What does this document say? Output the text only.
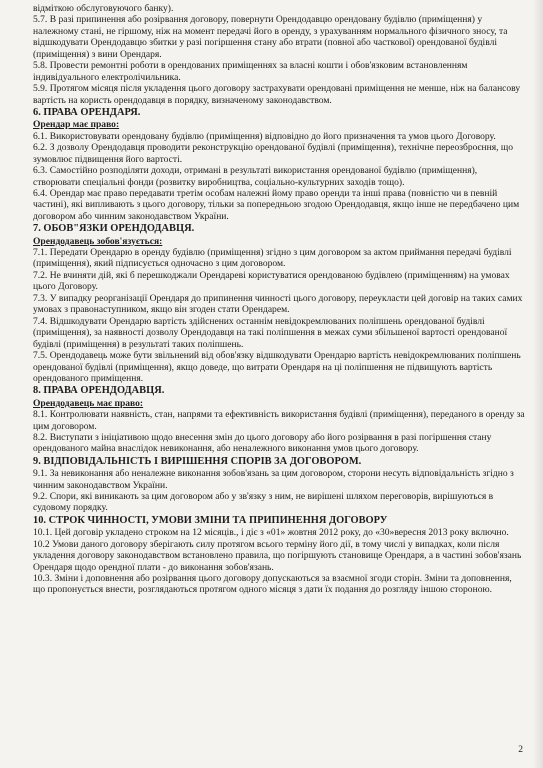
відміткою обслуговуючого банку).

5.7. В разі припинення або розірвання договору, повернути Орендодавцю орендовану будівлю (приміщення) у належному стані, не гіршому, ніж на момент передачі його в оренду, з урахуванням нормального фізичного зносу, та відшкодувати Орендодавцю збитки у разі погіршення стану або втрати (повної або часткової) орендованої будівлі (приміщення) з вини Орендаря.

5.8. Провести ремонтні роботи в орендованих приміщеннях за власні кошти і обов'язковим встановленням індивідуального електролічильника.

5.9. Протягом місяця після укладення цього договору застрахувати орендовані приміщення не менше, ніж на балансову вартість на користь орендодавця в порядку, визначеному законодавством.

6. ПРАВА ОРЕНДАРЯ.

Орендар має право:

6.1. Використовувати орендовану будівлю (приміщення) відповідно до його призначення та умов цього Договору.

6.2. З дозволу Орендодавця проводити реконструкцію орендованої будівлі (приміщення), технічне переозброєння, що зумовлює підвищення його вартості.

6.3. Самостійно розподіляти доходи, отримані в результаті використання орендованої будівлю (приміщення), створювати спеціальні фонди (розвитку виробництва, соціально-культурних заходів тощо).

6.4. Орендар має право передавати третім особам належні йому право оренди та інші права (повністю чи в певній частині), які випливають з цього договору, тільки за попередньою згодою Орендодавця, якщо інше не передбачено цим договором або чинним законодавством України.

7. ОБОВ"ЯЗКИ ОРЕНДОДАВЦЯ.

Орендодавець зобов'язується:

7.1. Передати Орендарю в оренду будівлю (приміщення) згідно з цим договором за актом приймання передачі будівлі (приміщення), який підписується одночасно з цим договором.

7.2. Не вчиняти дій, які б перешкоджали Орендареві користуватися орендованою будівлею (приміщенням) на умовах цього Договору.

7.3. У випадку реорганізації Орендаря до припинення чинності цього договору, переукласти цей договір на таких самих умовах з правонаступником, якщо він згоден стати Орендарем.

7.4. Відшкодувати Орендарю вартість здійснених останнім невідокремлюваних поліпшень орендованої будівлі (приміщення), за наявності дозволу Орендодавця на такі поліпшення в межах суми збільшеної вартості орендованої будівлі (приміщення) в результаті таких поліпшень.

7.5. Орендодавець може бути звільнений від обов'язку відшкодувати Орендарю вартість невідокремлюваних поліпшень орендованої будівлі (приміщення), якщо доведе, що витрати Орендаря на ці поліпшення не підвищують вартість орендованого приміщення.

8. ПРАВА ОРЕНДОДАВЦЯ.

Орендодавець має право:

8.1. Контролювати наявність, стан, напрями та ефективність використання будівлі (приміщення), переданого в оренду за цим договором.

8.2. Виступати з ініціативою щодо внесення змін до цього договору або його розірвання в разі погіршення стану орендованого майна внаслідок невиконання, або неналежного виконання умов цього договору.

9. ВІДПОВІДАЛЬНІСТЬ І ВИРІШЕННЯ СПОРІВ ЗА ДОГОВОРОМ.

9.1. За невиконання або неналежне виконання зобов'язань за цим договором, сторони несуть відповідальність згідно з чинним законодавством України.

9.2. Спори, які виникають за цим договором або у зв'язку з ним, не вирішені шляхом переговорів, вирішуються в судовому порядку.

10. СТРОК ЧИННОСТІ, УМОВИ ЗМІНИ ТА ПРИПИНЕННЯ ДОГОВОРУ

10.1. Цей договір укладено строком на 12 місяців., і діє з «01» жовтня 2012 року, до «30»вересня 2013 року включно.

10.2 Умови даного договору зберігають силу протягом всього терміну його дії, в тому числі у випадках, коли після укладення договору законодавством встановлено правила, що погіршують становище Орендаря, а в частині зобов'язань Орендаря щодо орендної плати - до виконання зобов'язань.

10.3. Зміни і доповнення або розірвання цього договору допускаються за взаємної згоди сторін. Зміни та доповнення, що пропонується внести, розглядаються протягом одного місяця з дати їх подання до розгляду іншою стороною.

2
